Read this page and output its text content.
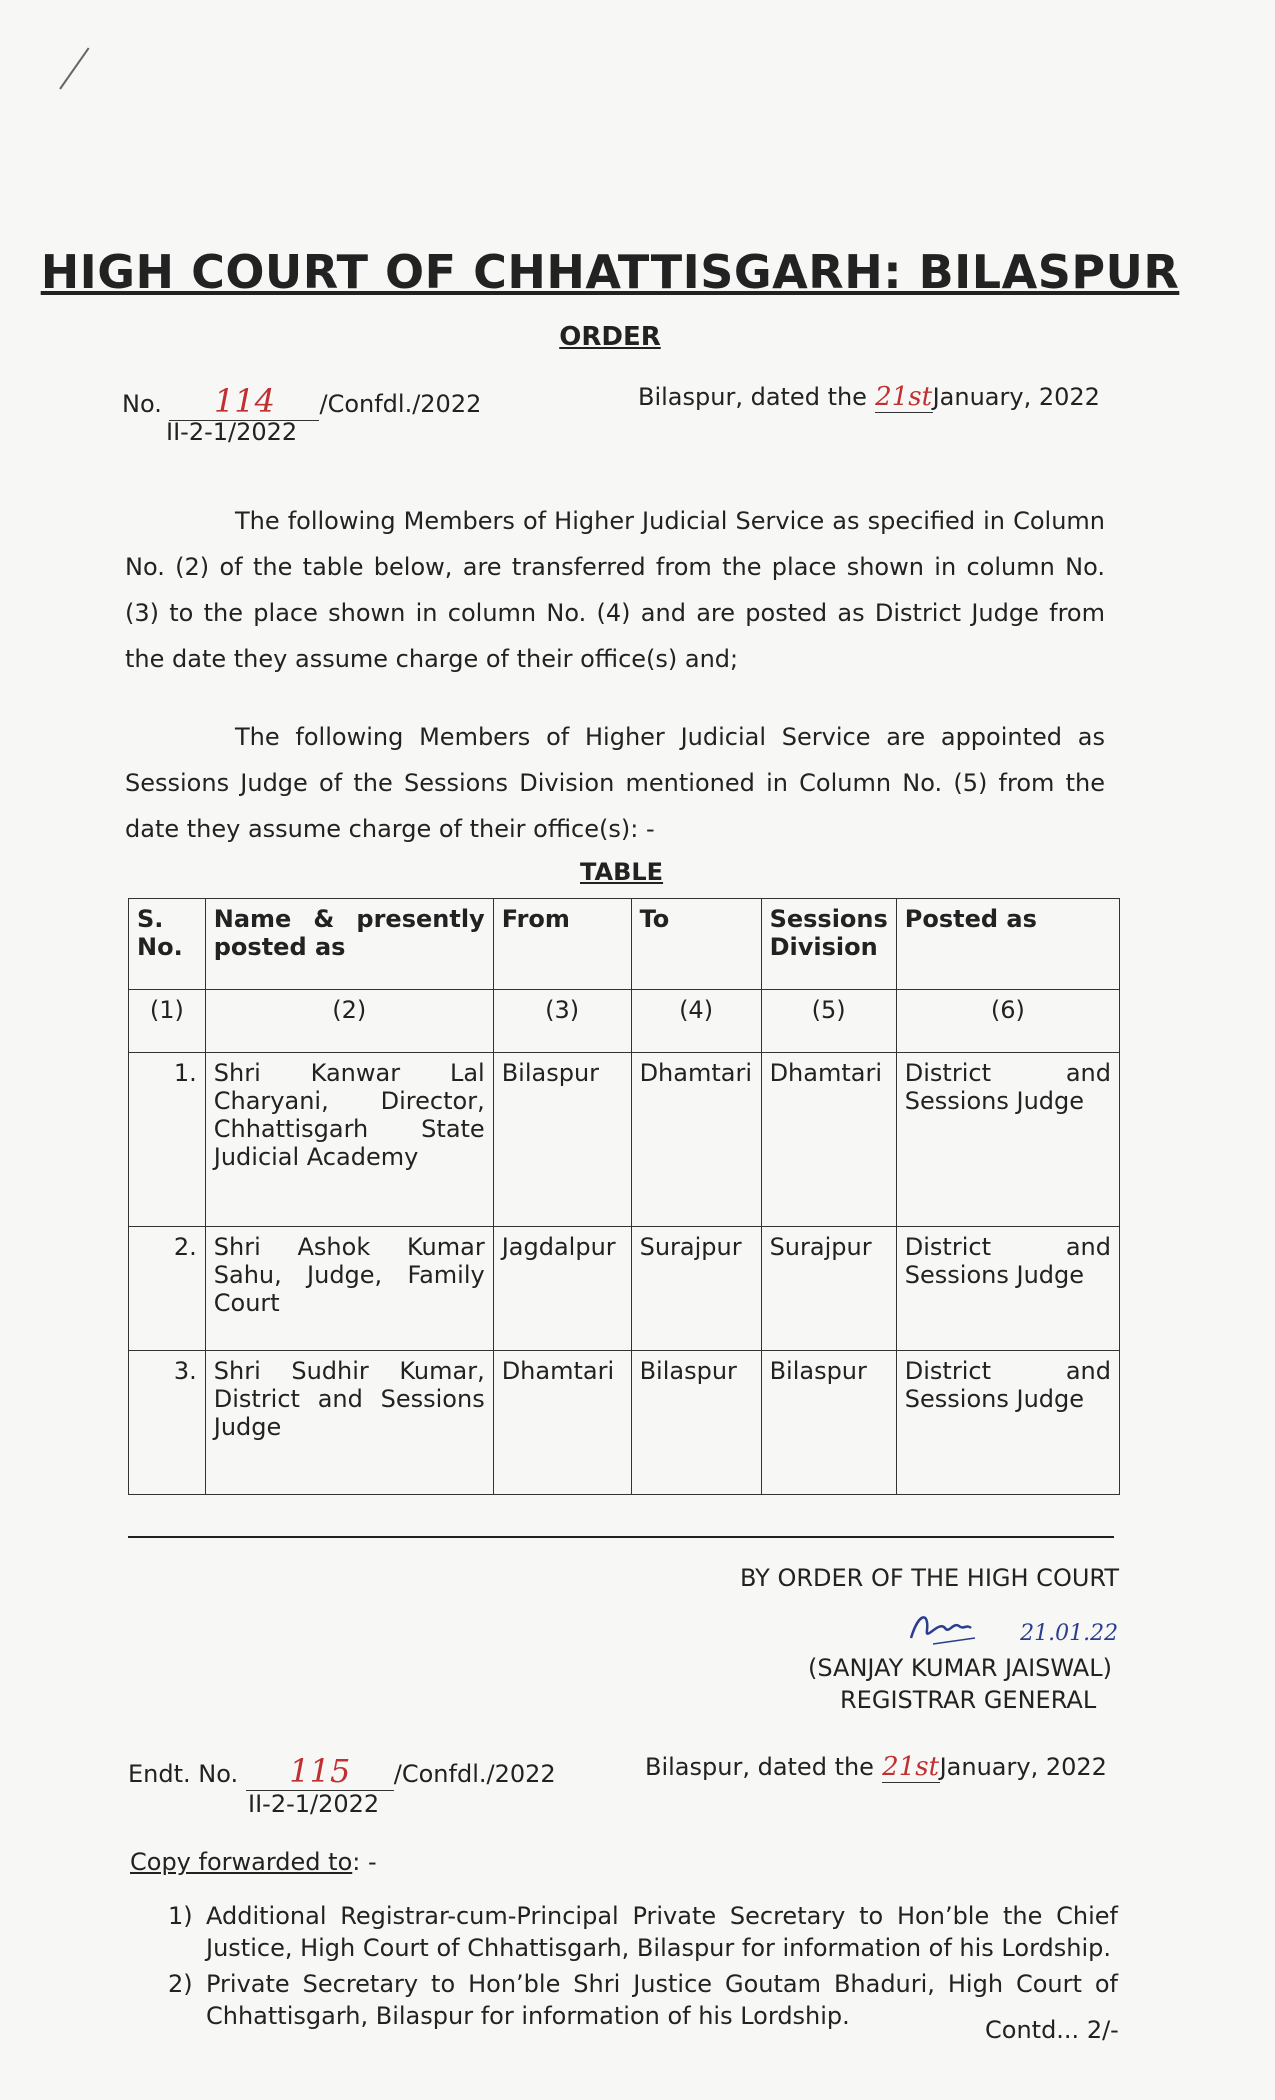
HIGH COURT OF CHHATTISGARH: BILASPUR
ORDER
No. 114 /Confdl./2022
II-2-1/2022
Bilaspur, dated the 21stJanuary, 2022
The following Members of Higher Judicial Service as specified in Column No. (2) of the table below, are transferred from the place shown in column No. (3) to the place shown in column No. (4) and are posted as District Judge from the date they assume charge of their office(s) and;
The following Members of Higher Judicial Service are appointed as Sessions Judge of the Sessions Division mentioned in Column No. (5) from the date they assume charge of their office(s): -
TABLE
S. No.	Name & presently posted as	From	To	Sessions Division	Posted as
(1)	(2)	(3)	(4)	(5)	(6)
1.	Shri Kanwar Lal Charyani, Director, Chhattisgarh State Judicial Academy	Bilaspur	Dhamtari	Dhamtari	District and Sessions Judge
2.	Shri Ashok Kumar Sahu, Judge, Family Court	Jagdalpur	Surajpur	Surajpur	District and Sessions Judge
3.	Shri Sudhir Kumar, District and Sessions Judge	Dhamtari	Bilaspur	Bilaspur	District and Sessions Judge
BY ORDER OF THE HIGH COURT
21.01.22
(SANJAY KUMAR JAISWAL)
REGISTRAR GENERAL
Endt. No. 115 /Confdl./2022
II-2-1/2022
Bilaspur, dated the 21stJanuary, 2022
Copy forwarded to: -
1) Additional Registrar-cum-Principal Private Secretary to Hon’ble the Chief Justice, High Court of Chhattisgarh, Bilaspur for information of his Lordship.
2) Private Secretary to Hon’ble Shri Justice Goutam Bhaduri, High Court of Chhattisgarh, Bilaspur for information of his Lordship.	Contd... 2/-
